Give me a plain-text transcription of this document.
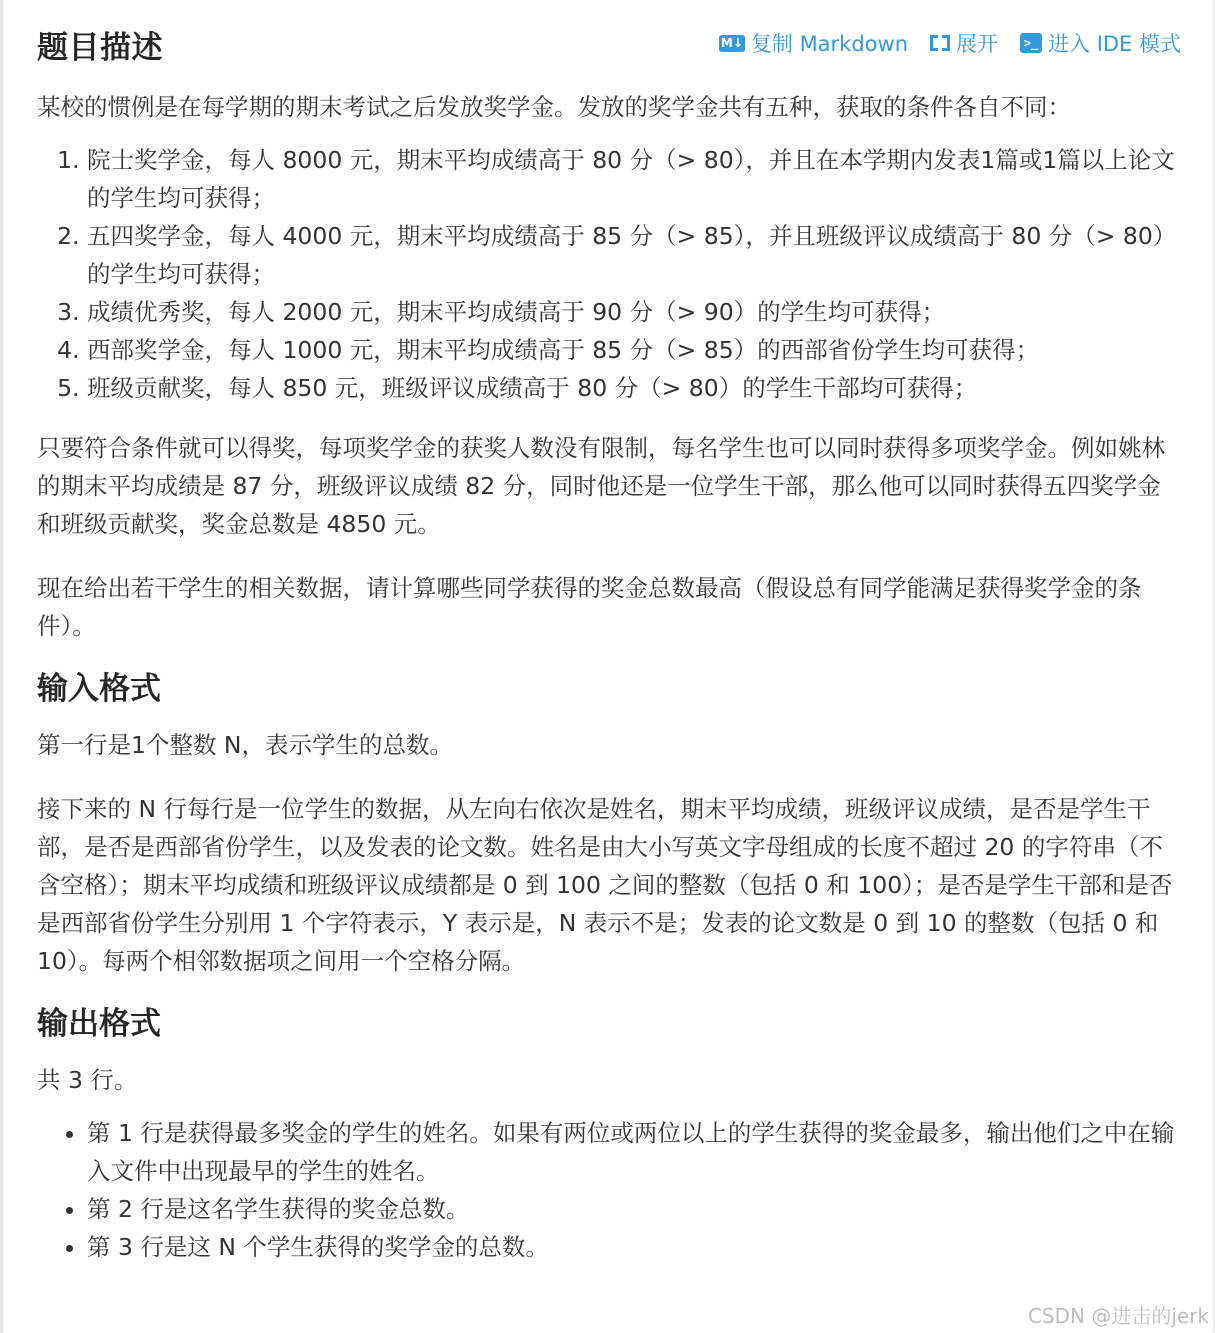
题目描述	M↓ 复制 Markdown 展开	>_ 进入 IDE 模式

某校的惯例是在每学期的期末考试之后发放奖学金。发放的奖学金共有五种，获取的条件各自不同：

1. 院士奖学金，每人 8000 元，期末平均成绩高于 80 分（> 80），并且在本学期内发表1篇或1篇以上论文的学生均可获得；
2. 五四奖学金，每人 4000 元，期末平均成绩高于 85 分（> 85），并且班级评议成绩高于 80 分（> 80）的学生均可获得；
3. 成绩优秀奖，每人 2000 元，期末平均成绩高于 90 分（> 90）的学生均可获得；
4. 西部奖学金，每人 1000 元，期末平均成绩高于 85 分（> 85）的西部省份学生均可获得；
5. 班级贡献奖，每人 850 元，班级评议成绩高于 80 分（> 80）的学生干部均可获得；

只要符合条件就可以得奖，每项奖学金的获奖人数没有限制，每名学生也可以同时获得多项奖学金。例如姚林的期末平均成绩是 87 分，班级评议成绩 82 分，同时他还是一位学生干部，那么他可以同时获得五四奖学金和班级贡献奖，奖金总数是 4850 元。

现在给出若干学生的相关数据，请计算哪些同学获得的奖金总数最高（假设总有同学能满足获得奖学金的条件）。

输入格式

第一行是1个整数 N，表示学生的总数。

接下来的 N 行每行是一位学生的数据，从左向右依次是姓名，期末平均成绩，班级评议成绩，是否是学生干部，是否是西部省份学生，以及发表的论文数。姓名是由大小写英文字母组成的长度不超过 20 的字符串（不含空格）；期末平均成绩和班级评议成绩都是 0 到 100 之间的整数（包括 0 和 100）；是否是学生干部和是否是西部省份学生分别用 1 个字符表示，Y 表示是，N 表示不是；发表的论文数是 0 到 10 的整数（包括 0 和 10）。每两个相邻数据项之间用一个空格分隔。

输出格式

共 3 行。

• 第 1 行是获得最多奖金的学生的姓名。如果有两位或两位以上的学生获得的奖金最多，输出他们之中在输入文件中出现最早的学生的姓名。
• 第 2 行是这名学生获得的奖金总数。
• 第 3 行是这 N 个学生获得的奖学金的总数。
CSDN @进击的jerk
